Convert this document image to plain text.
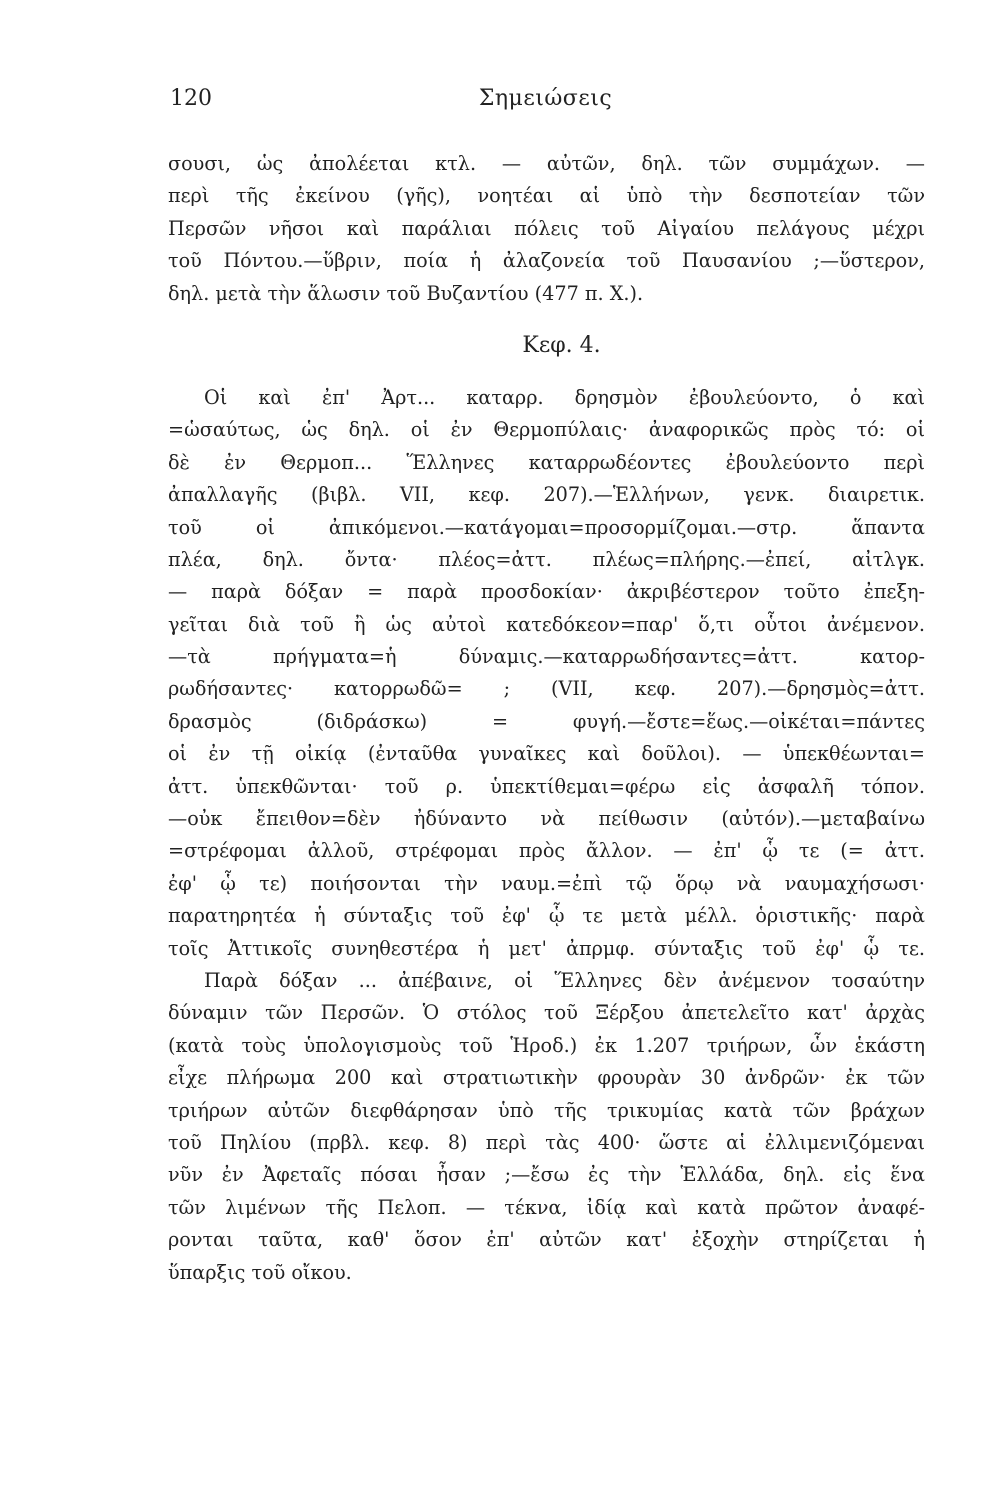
120	Σημειώσεις
σουσι, ὡς ἀπολέεται κτλ. — αὐτῶν, δηλ. τῶν συμμάχων. —
περὶ τῆς ἐκείνου (γῆς), νοητέαι αἱ ὑπὸ τὴν δεσποτείαν τῶν
Περσῶν νῆσοι καὶ παράλιαι πόλεις τοῦ Αἰγαίου πελάγους μέχρι
τοῦ Πόντου.—ὕβριν, ποία ἡ ἀλαζονεία τοῦ Παυσανίου ;—ὕστερον,
δηλ. μετὰ τὴν ἅλωσιν τοῦ Βυζαντίου (477 π. Χ.).
Κεφ. 4.
Οἱ καὶ ἐπ' Ἀρτ... καταρρ. δρησμὸν ἐβουλεύοντο, ὁ καὶ
=ὡσαύτως, ὡς δηλ. οἱ ἐν Θερμοπύλαις· ἀναφορικῶς πρὸς τό: οἱ
δὲ ἐν Θερμοπ... Ἕλληνες καταρρωδέοντες ἐβουλεύοντο περὶ
ἀπαλλαγῆς (βιβλ. VII, κεφ. 207).—Ἑλλήνων, γενκ. διαιρετικ.
τοῦ οἱ ἀπικόμενοι.—κατάγομαι=προσορμίζομαι.—στρ. ἅπαντα
πλέα, δηλ. ὄντα· πλέος=ἀττ. πλέως=πλήρης.—ἐπεί, αἰτλγκ.
— παρὰ δόξαν = παρὰ προσδοκίαν· ἀκριβέστερον τοῦτο ἐπεξη-
γεῖται διὰ τοῦ ἢ ὡς αὐτοὶ κατεδόκεον=παρ' ὅ,τι οὗτοι ἀνέμενον.
—τὰ πρήγματα=ἡ δύναμις.—καταρρωδήσαντες=ἀττ. κατορ-
ρωδήσαντες· κατορρωδῶ= ; (VII, κεφ. 207).—δρησμὸς=ἀττ.
δρασμὸς (διδράσκω) = φυγή.—ἔστε=ἕως.—οἰκέται=πάντες
οἱ ἐν τῇ οἰκίᾳ (ἐνταῦθα γυναῖκες καὶ δοῦλοι). — ὑπεκθέωνται=
ἀττ. ὑπεκθῶνται· τοῦ ρ. ὑπεκτίθεμαι=φέρω εἰς ἀσφαλῆ τόπον.
—οὐκ ἔπειθον=δὲν ἠδύναντο νὰ πείθωσιν (αὐτόν).—μεταβαίνω
=στρέφομαι ἀλλοῦ, στρέφομαι πρὸς ἄλλον. — ἐπ' ᾧ τε (= ἀττ.
ἐφ' ᾧ τε) ποιήσονται τὴν ναυμ.=ἐπὶ τῷ ὅρῳ νὰ ναυμαχήσωσι·
παρατηρητέα ἡ σύνταξις τοῦ ἐφ' ᾧ τε μετὰ μέλλ. ὁριστικῆς· παρὰ
τοῖς Ἀττικοῖς συνηθεστέρα ἡ μετ' ἀπρμφ. σύνταξις τοῦ ἐφ' ᾧ τε.
Παρὰ δόξαν ... ἀπέβαινε, οἱ Ἕλληνες δὲν ἀνέμενον τοσαύτην
δύναμιν τῶν Περσῶν. Ὁ στόλος τοῦ Ξέρξου ἀπετελεῖτο κατ' ἀρχὰς
(κατὰ τοὺς ὑπολογισμοὺς τοῦ Ἡροδ.) ἐκ 1.207 τριήρων, ὧν ἑκάστη
εἶχε πλήρωμα 200 καὶ στρατιωτικὴν φρουρὰν 30 ἀνδρῶν· ἐκ τῶν
τριήρων αὐτῶν διεφθάρησαν ὑπὸ τῆς τρικυμίας κατὰ τῶν βράχων
τοῦ Πηλίου (πρβλ. κεφ. 8) περὶ τὰς 400· ὥστε αἱ ἐλλιμενιζόμεναι
νῦν ἐν Ἀφεταῖς πόσαι ἦσαν ;—ἔσω ἐς τὴν Ἑλλάδα, δηλ. εἰς ἕνα
τῶν λιμένων τῆς Πελοπ. — τέκνα, ἰδίᾳ καὶ κατὰ πρῶτον ἀναφέ-
ρονται ταῦτα, καθ' ὅσον ἐπ' αὐτῶν κατ' ἐξοχὴν στηρίζεται ἡ
ὕπαρξις τοῦ οἴκου.
